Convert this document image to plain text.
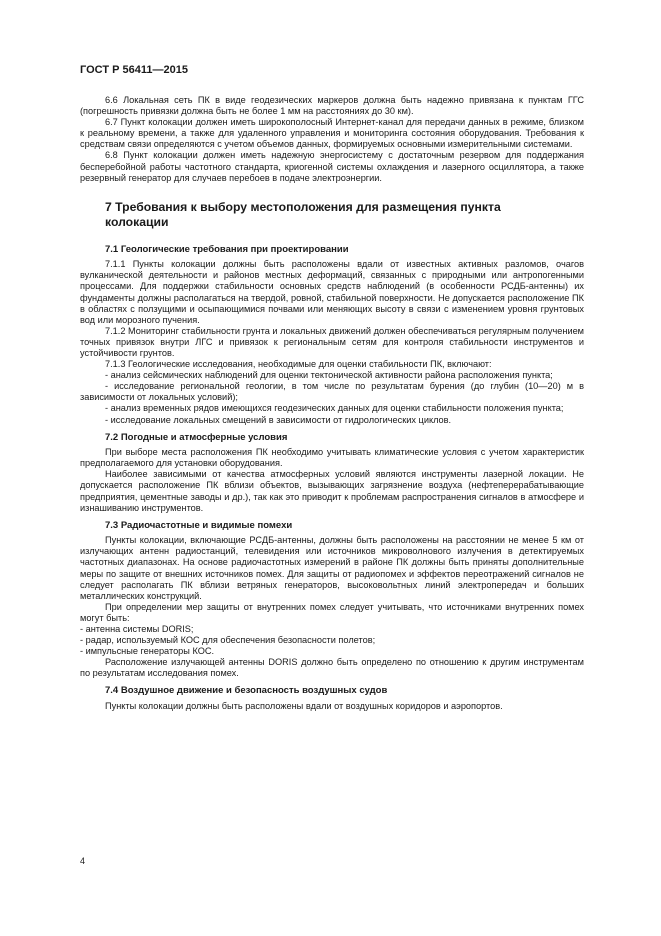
ГОСТ Р 56411—2015

6.6 Локальная сеть ПК в виде геодезических маркеров должна быть надежно привязана к пунктам ГГС (погрешность привязки должна быть не более 1 мм на расстояниях до 30 км).

6.7 Пункт колокации должен иметь широкополосный Интернет-канал для передачи данных в режиме, близком к реальному времени, а также для удаленного управления и мониторинга состояния оборудования. Требования к средствам связи определяются с учетом объемов данных, формируемых основными измерительными системами.

6.8 Пункт колокации должен иметь надежную энергосистему с достаточным резервом для поддержания бесперебойной работы частотного стандарта, криогенной системы охлаждения и лазерного осциллятора, а также резервный генератор для случаев перебоев в подаче электроэнергии.

7 Требования к выбору местоположения для размещения пункта колокации
7.1 Геологические требования при проектировании

7.1.1 Пункты колокации должны быть расположены вдали от известных активных разломов, очагов вулканической деятельности и районов местных деформаций, связанных с природными или антропогенными процессами. Для поддержки стабильности основных средств наблюдений (в особенности РСДБ-антенны) их фундаменты должны располагаться на твердой, ровной, стабильной поверхности. Не допускается расположение ПК в областях с ползущими и осыпающимися почвами или меняющих высоту в связи с изменением уровня грунтовых вод или морозного пучения.

7.1.2 Мониторинг стабильности грунта и локальных движений должен обеспечиваться регулярным получением точных привязок внутри ЛГС и привязок к региональным сетям для контроля стабильности инструментов и устойчивости грунтов.

7.1.3 Геологические исследования, необходимые для оценки стабильности ПК, включают:

- анализ сейсмических наблюдений для оценки тектонической активности района расположения пункта;

- исследование региональной геологии, в том числе по результатам бурения (до глубин (10—20) м в зависимости от локальных условий);

- анализ временных рядов имеющихся геодезических данных для оценки стабильности положения пункта;

- исследование локальных смещений в зависимости от гидрологических циклов.

7.2 Погодные и атмосферные условия

При выборе места расположения ПК необходимо учитывать климатические условия с учетом характеристик предполагаемого для установки оборудования.

Наиболее зависимыми от качества атмосферных условий являются инструменты лазерной локации. Не допускается расположение ПК вблизи объектов, вызывающих загрязнение воздуха (нефтеперерабатывающие предприятия, цементные заводы и др.), так как это приводит к проблемам распространения сигналов в атмосфере и изнашиванию инструментов.

7.3 Радиочастотные и видимые помехи

Пункты колокации, включающие РСДБ-антенны, должны быть расположены на расстоянии не менее 5 км от излучающих антенн радиостанций, телевидения или источников микроволнового излучения в детектируемых частотных диапазонах. На основе радиочастотных измерений в районе ПК должны быть приняты дополнительные меры по защите от внешних источников помех. Для защиты от радиопомех и эффектов переотражений сигналов не следует располагать ПК вблизи ветряных генераторов, высоковольтных линий электропередач и больших металлических конструкций.

При определении мер защиты от внутренних помех следует учитывать, что источниками внутренних помех могут быть:

- антенна системы DORIS;

- радар, используемый КОС для обеспечения безопасности полетов;

- импульсные генераторы КОС.

Расположение излучающей антенны DORIS должно быть определено по отношению к другим инструментам по результатам исследования помех.

7.4 Воздушное движение и безопасность воздушных судов

Пункты колокации должны быть расположены вдали от воздушных коридоров и аэропортов.

4
